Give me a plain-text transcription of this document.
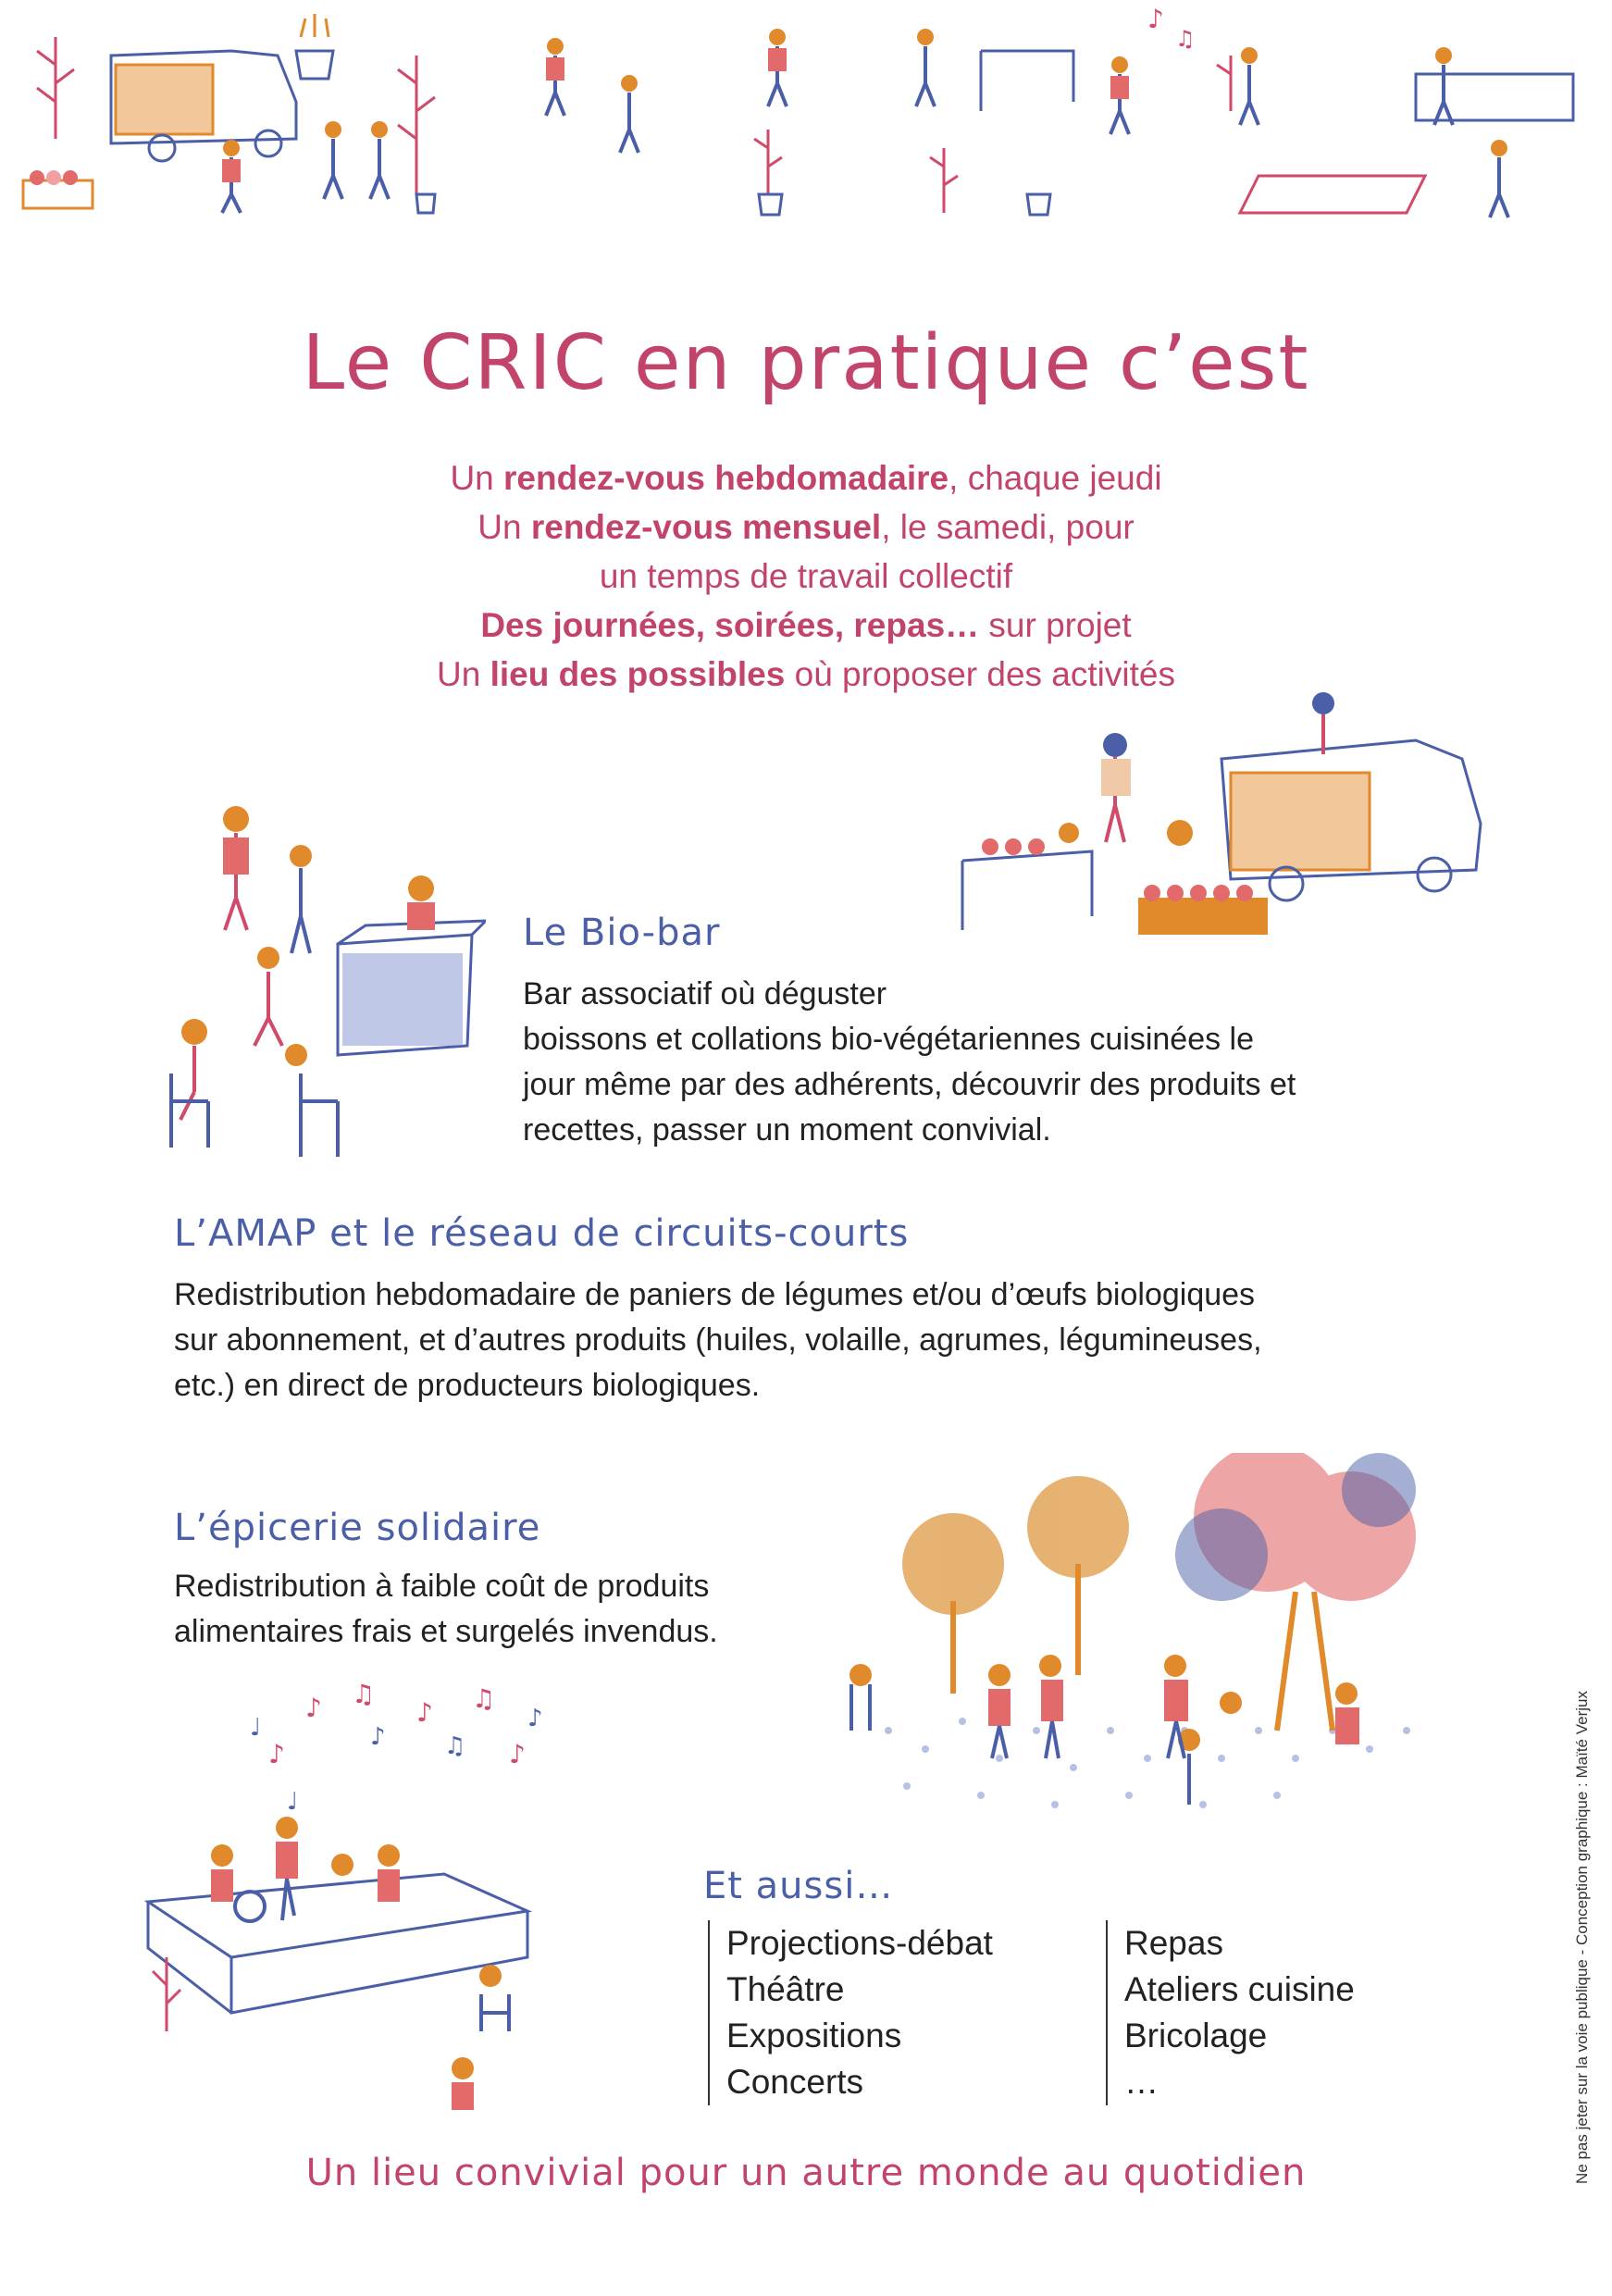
♪
♫
Le CRIC en pratique c’est
Un rendez-vous hebdomadaire, chaque jeudi
Un rendez-vous mensuel, le samedi, pour
un temps de travail collectif
Des journées, soirées, repas… sur projet
Un lieu des possibles où proposer des activités
Le Bio-bar
Bar associatif où déguster
boissons et collations bio-végétariennes cuisinées le
jour même par des adhérents, découvrir des produits et
recettes, passer un moment convivial.
L’AMAP et le réseau de circuits-courts
Redistribution hebdomadaire de paniers de légumes et/ou d’œufs biologiques
sur abonnement, et d’autres produits (huiles, volaille, agrumes, légumineuses,
etc.) en direct de producteurs biologiques.
L’épicerie solidaire
Redistribution à faible coût de produits
alimentaires frais et surgelés invendus.
♪ ♫
♪ ♫
♪	♪
♩	♪ ♫
♪
♩
Et aussi…
Projections-débat
Théâtre
Expositions
Concerts
Repas
Ateliers cuisine
Bricolage
…
Un lieu convivial pour un autre monde au quotidien	Ne pas jeter sur la voie publique - Conception graphique : Maïté Verjux
